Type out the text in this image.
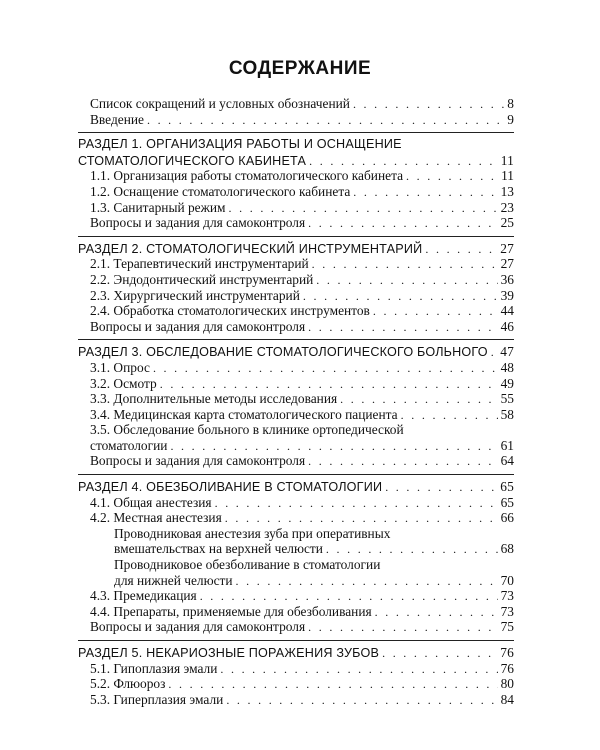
СОДЕРЖАНИЕ
Список сокращений и условных обозначений . . .	8
Введение . . .	9
РАЗДЕЛ 1. ОРГАНИЗАЦИЯ РАБОТЫ И ОСНАЩЕНИЕ
СТОМАТОЛОГИЧЕСКОГО КАБИНЕТА . . .	11
1.1. Организация работы стоматологического кабинета . . .	11
1.2. Оснащение стоматологического кабинета . . .	13
1.3. Санитарный режим . . .	23
Вопросы и задания для самоконтроля . . .	25
РАЗДЕЛ 2. СТОМАТОЛОГИЧЕСКИЙ ИНСТРУМЕНТАРИЙ . . .	27
2.1. Терапевтический инструментарий . . .	27
2.2. Эндодонтический инструментарий . . .	36
2.3. Хирургический инструментарий . . .	39
2.4. Обработка стоматологических инструментов . . .	44
Вопросы и задания для самоконтроля . . .	46
РАЗДЕЛ 3. ОБСЛЕДОВАНИЕ СТОМАТОЛОГИЧЕСКОГО БОЛЬНОГО . . . 47
3.1. Опрос . . .	48
3.2. Осмотр . . .	49
3.3. Дополнительные методы исследования . . .	55
3.4. Медицинская карта стоматологического пациента . . .	58
3.5. Обследование больного в клинике ортопедической
стоматологии . . .	61
Вопросы и задания для самоконтроля . . .	64
РАЗДЕЛ 4. ОБЕЗБОЛИВАНИЕ В СТОМАТОЛОГИИ . . .	65
4.1. Общая анестезия . . .	65
4.2. Местная анестезия . . .	66
Проводниковая анестезия зуба при оперативных
вмешательствах на верхней челюсти . . .	68
Проводниковое обезболивание в стоматологии
для нижней челюсти . . .	70
4.3. Премедикация . . .	73
4.4. Препараты, применяемые для обезболивания . . .	73
Вопросы и задания для самоконтроля . . .	75
РАЗДЕЛ 5. НЕКАРИОЗНЫЕ ПОРАЖЕНИЯ ЗУБОВ . . .	76
5.1. Гипоплазия эмали . . .	76
5.2. Флюороз . . .	80
5.3. Гиперплазия эмали . . .	84
